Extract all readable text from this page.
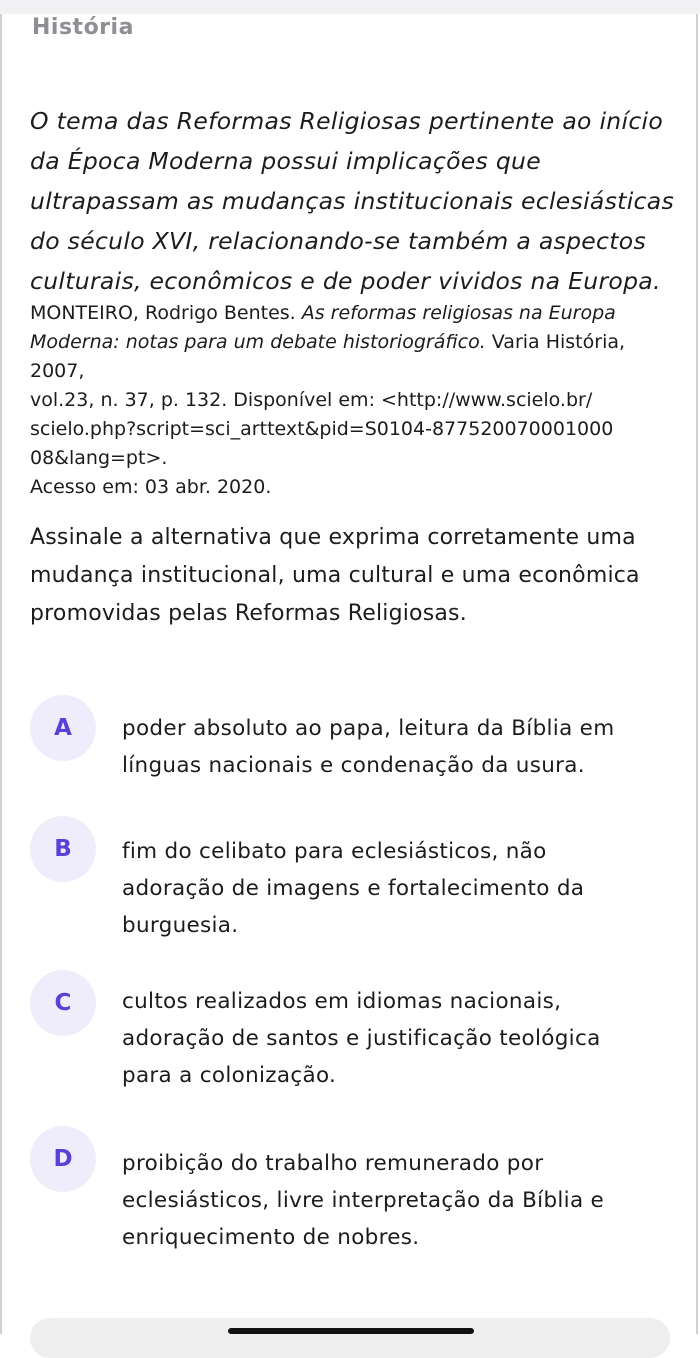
História

O tema das Reformas Religiosas pertinente ao início
da Época Moderna possui implicações que
ultrapassam as mudanças institucionais eclesiásticas
do século XVI, relacionando-se também a aspectos
culturais, econômicos e de poder vividos na Europa.

MONTEIRO, Rodrigo Bentes. As reformas religiosas na Europa
Moderna: notas para um debate historiográfico. Varia História,
2007,
vol.23, n. 37, p. 132. Disponível em: <http://www.scielo.br/
scielo.php?script=sci_arttext&pid=S0104-877520070001000
08&lang=pt>.
Acesso em: 03 abr. 2020.

Assinale a alternativa que exprima corretamente uma
mudança institucional, uma cultural e uma econômica
promovidas pelas Reformas Religiosas.

A	poder absoluto ao papa, leitura da Bíblia em
línguas nacionais e condenação da usura.
B	fim do celibato para eclesiásticos, não
adoração de imagens e fortalecimento da
burguesia.
C	cultos realizados em idiomas nacionais,
adoração de santos e justificação teológica
para a colonização.
D	proibição do trabalho remunerado por
eclesiásticos, livre interpretação da Bíblia e
enriquecimento de nobres.
